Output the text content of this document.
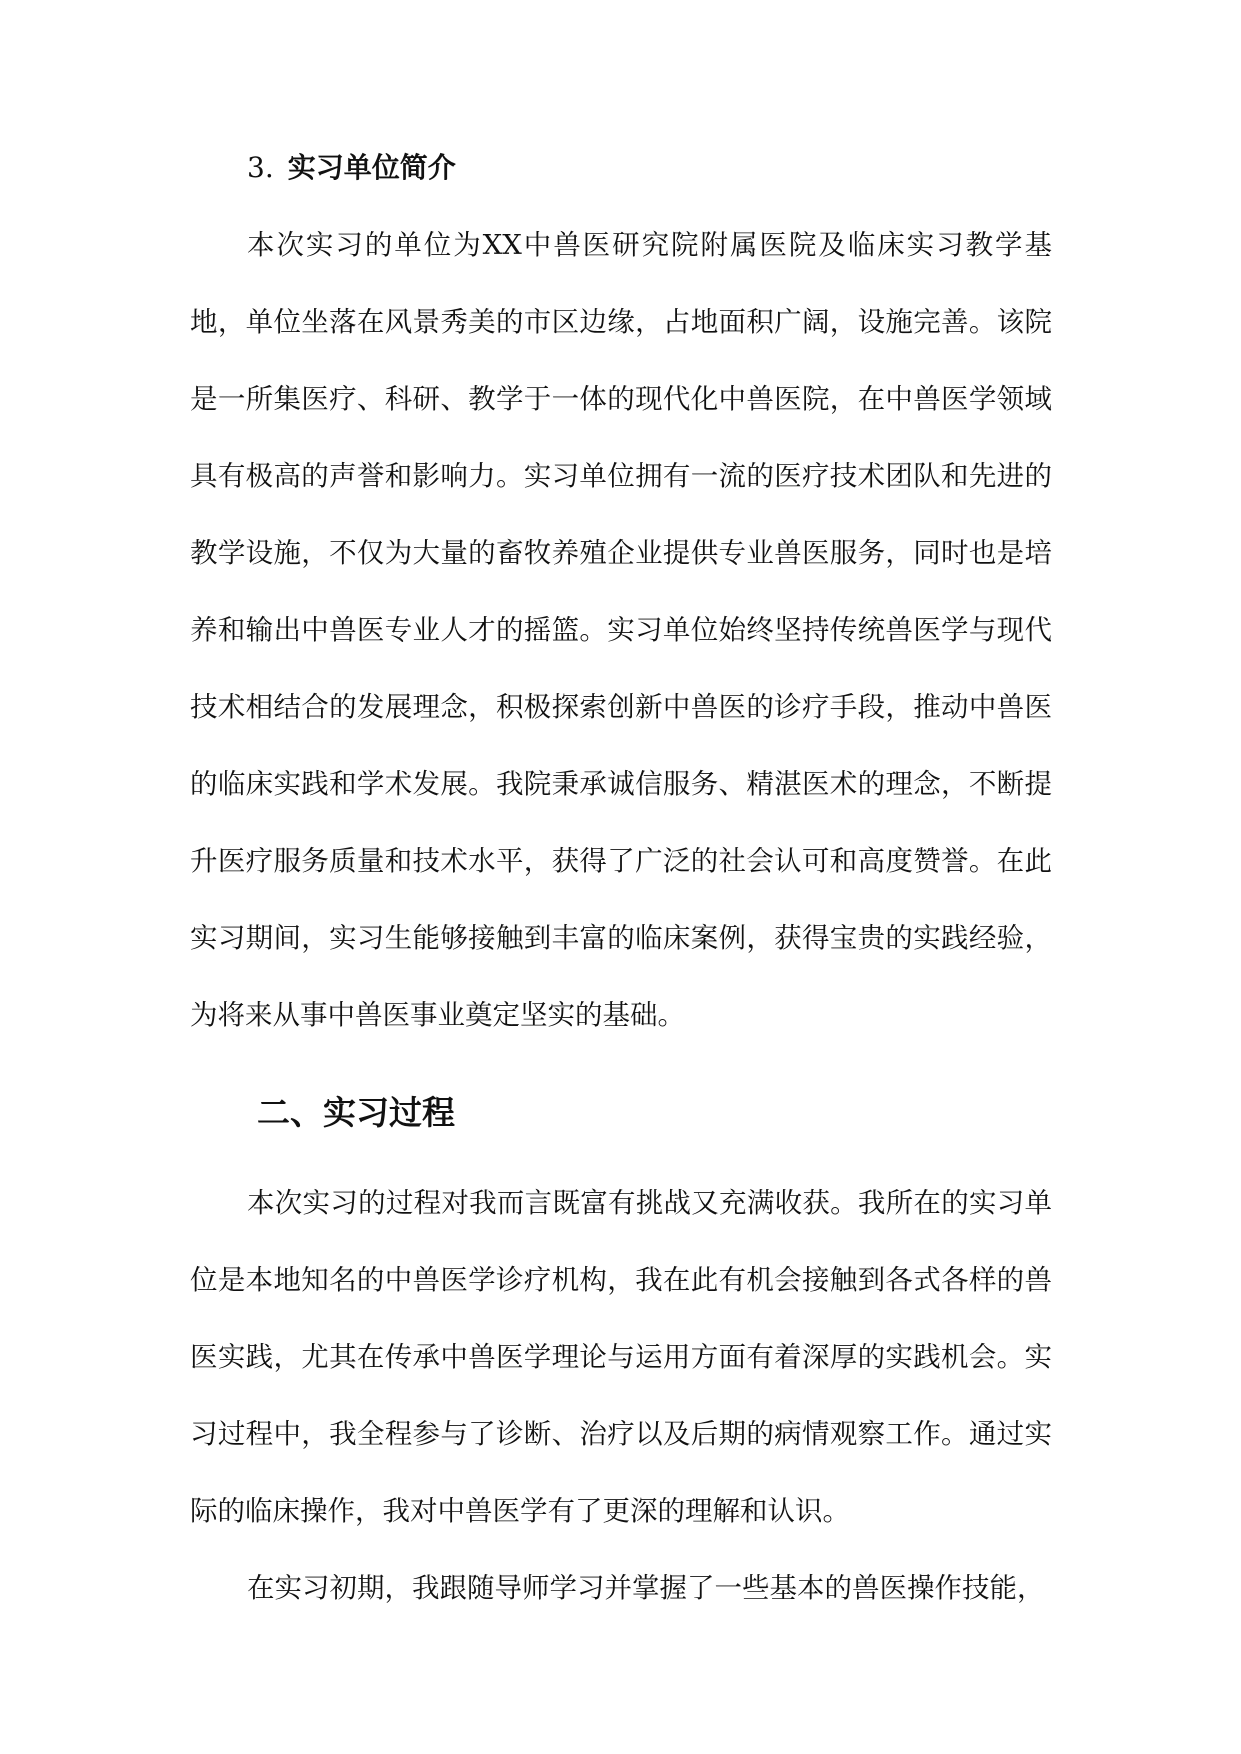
3. 实习单位简介

本次实习的单位为XX中兽医研究院附属医院及临床实习教学基地，单位坐落在风景秀美的市区边缘，占地面积广阔，设施完善。该院是一所集医疗、科研、教学于一体的现代化中兽医院，在中兽医学领域具有极高的声誉和影响力。实习单位拥有一流的医疗技术团队和先进的教学设施，不仅为大量的畜牧养殖企业提供专业兽医服务，同时也是培养和输出中兽医专业人才的摇篮。实习单位始终坚持传统兽医学与现代技术相结合的发展理念，积极探索创新中兽医的诊疗手段，推动中兽医的临床实践和学术发展。我院秉承诚信服务、精湛医术的理念，不断提升医疗服务质量和技术水平，获得了广泛的社会认可和高度赞誉。在此实习期间，实习生能够接触到丰富的临床案例，获得宝贵的实践经验，为将来从事中兽医事业奠定坚实的基础。

二、实习过程

本次实习的过程对我而言既富有挑战又充满收获。我所在的实习单位是本地知名的中兽医学诊疗机构，我在此有机会接触到各式各样的兽医实践，尤其在传承中兽医学理论与运用方面有着深厚的实践机会。实习过程中，我全程参与了诊断、治疗以及后期的病情观察工作。通过实际的临床操作，我对中兽医学有了更深的理解和认识。

在实习初期，我跟随导师学习并掌握了一些基本的兽医操作技能，
